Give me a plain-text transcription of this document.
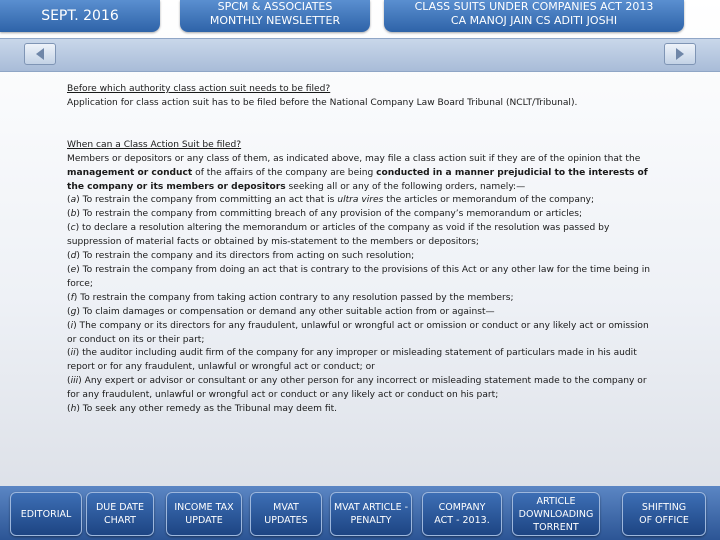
SEPT. 2016
SPCM & ASSOCIATES
MONTHLY NEWSLETTER
CLASS SUITS UNDER COMPANIES ACT 2013
CA MANOJ JAIN CS ADITI JOSHI

Before which authority class action suit needs to be filed?

Application for class action suit has to be filed before the National Company Law Board Tribunal (NCLT/Tribunal).

When can a Class Action Suit be filed?

Members or depositors or any class of them, as indicated above, may file a class action suit if they are of the opinion that the management or conduct of the affairs of the company are being conducted in a manner prejudicial to the interests of the company or its members or depositors seeking all or any of the following orders, namely:—

(a) To restrain the company from committing an act that is ultra vires the articles or memorandum of the company;

(b) To restrain the company from committing breach of any provision of the company’s memorandum or articles;

(c) to declare a resolution altering the memorandum or articles of the company as void if the resolution was passed by suppression of material facts or obtained by mis-statement to the members or depositors;

(d) To restrain the company and its directors from acting on such resolution;

(e) To restrain the company from doing an act that is contrary to the provisions of this Act or any other law for the time being in force;

(f) To restrain the company from taking action contrary to any resolution passed by the members;

(g) To claim damages or compensation or demand any other suitable action from or against—

(i) The company or its directors for any fraudulent, unlawful or wrongful act or omission or conduct or any likely act or omission or conduct on its or their part;

(ii) the auditor including audit firm of the company for any improper or misleading statement of particulars made in his audit report or for any fraudulent, unlawful or wrongful act or conduct; or

(iii) Any expert or advisor or consultant or any other person for any incorrect or misleading statement made to the company or for any fraudulent, unlawful or wrongful act or conduct or any likely act or conduct on his part;

(h) To seek any other remedy as the Tribunal may deem fit.

EDITORIAL
DUE DATE
CHART
INCOME TAX
UPDATE
MVAT
UPDATES
MVAT ARTICLE -
PENALTY
COMPANY
ACT - 2013.
ARTICLE
DOWNLOADING
TORRENT
SHIFTING
OF OFFICE
